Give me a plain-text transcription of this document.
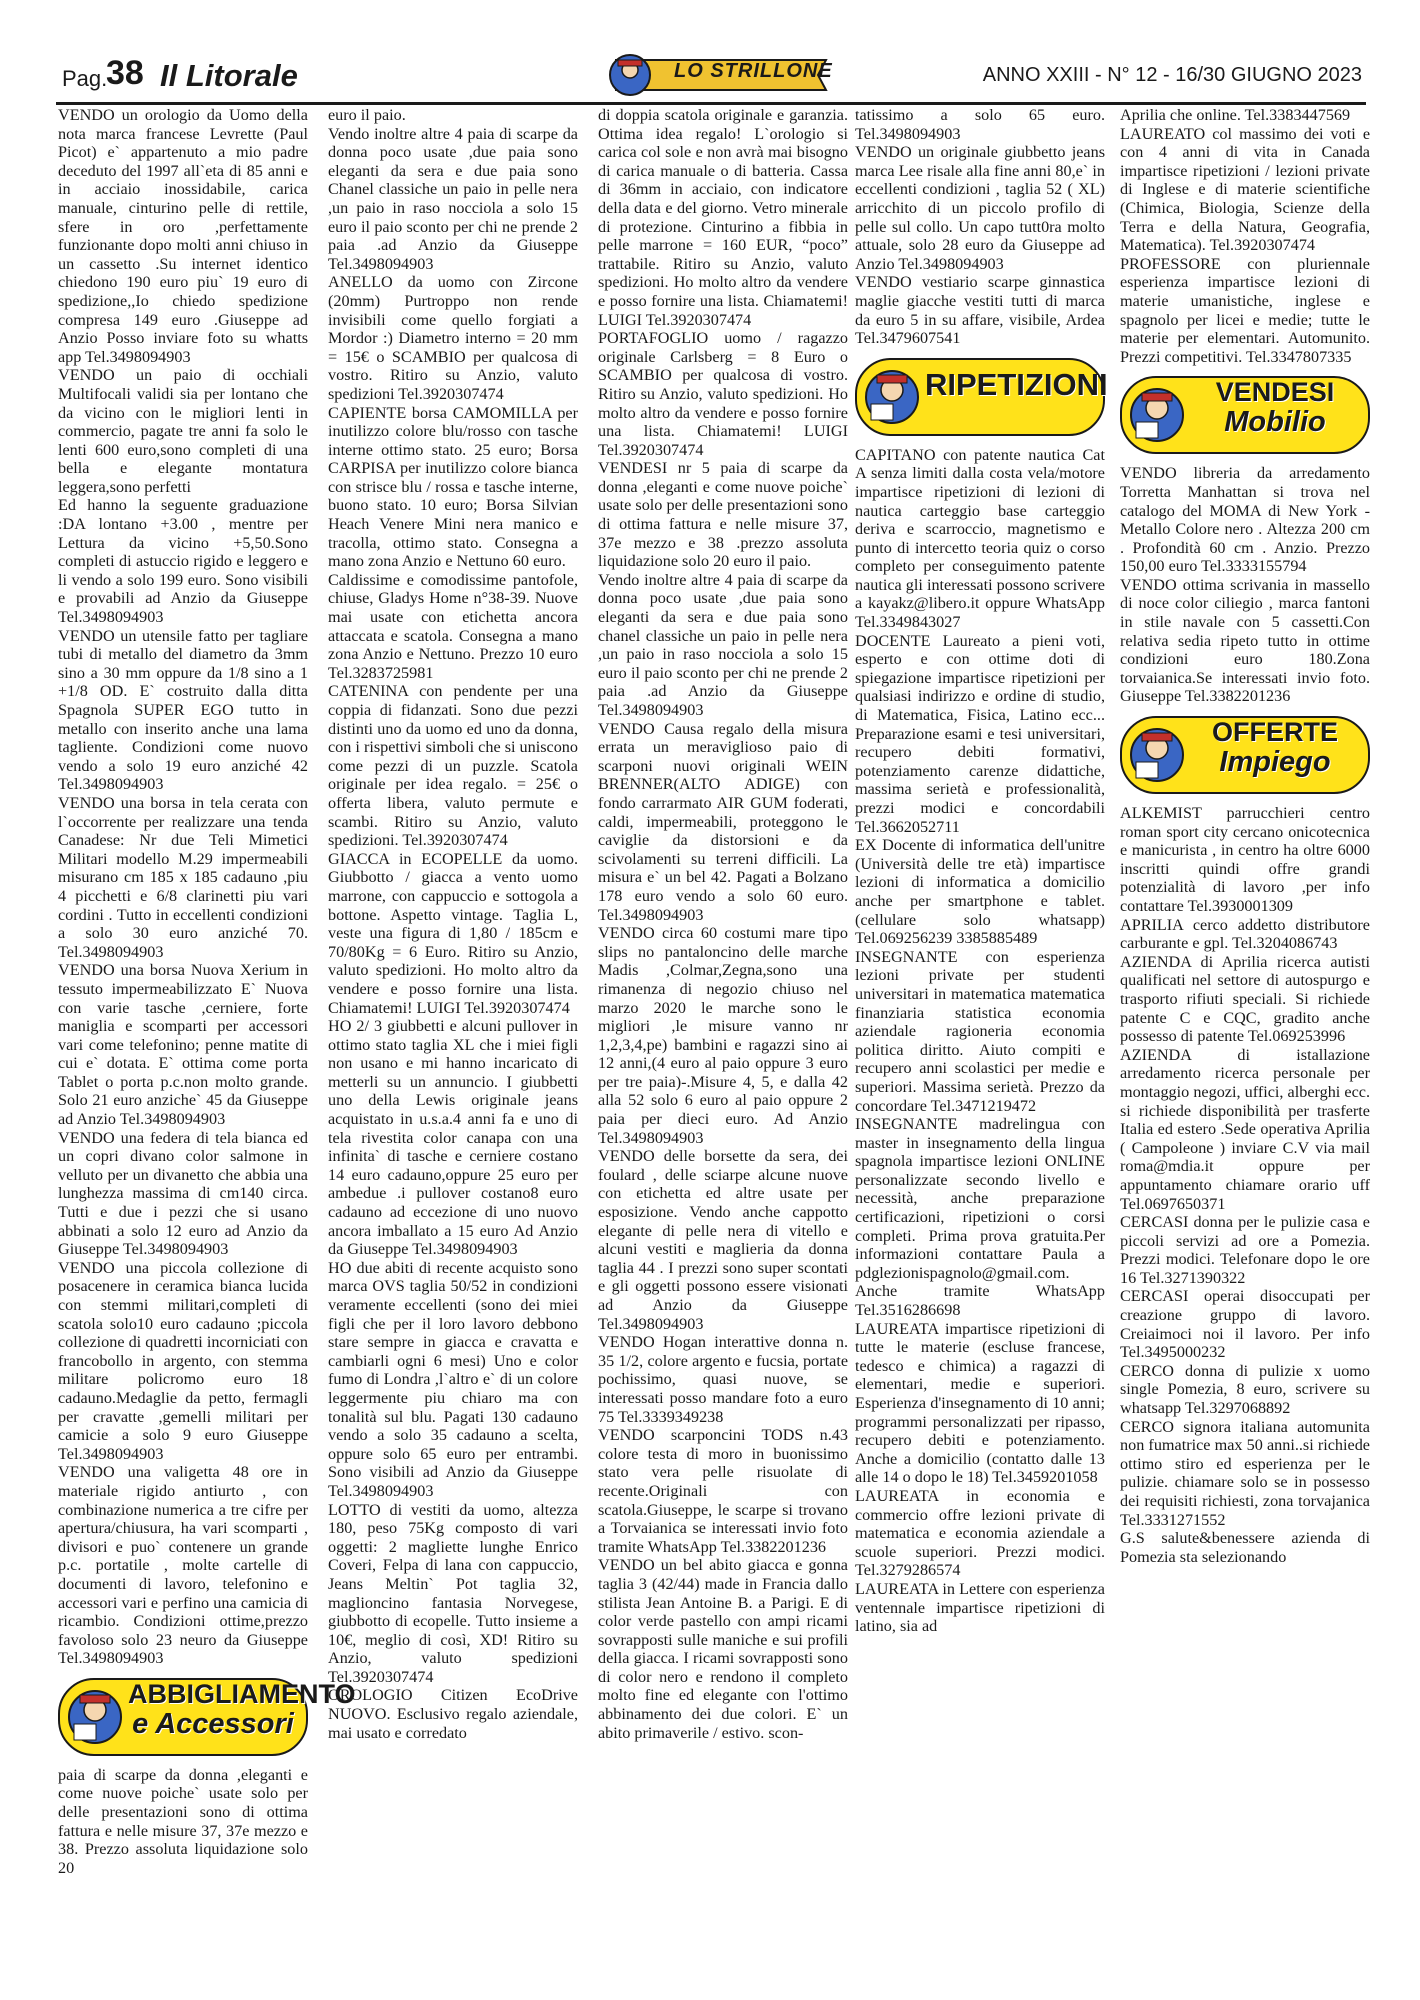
Pag.
38 Il Litorale	LO STRILLONE	ANNO XXIII - N° 12 - 16/30 GIUGNO 2023

VENDO un orologio da Uomo della nota marca francese Levrette (Paul Picot) e` appartenuto a mio padre deceduto del 1997 all`eta di 85 anni e in acciaio inossidabile, carica manuale, cinturino pelle di rettile, sfere in oro ,perfettamente funzionante dopo molti anni chiuso in un cassetto .Su internet identico chiedono 190 euro piu` 19 euro di spedizione,,Io chiedo spedizione compresa 149 euro .Giuseppe ad Anzio Posso inviare foto su whatts app Tel.3498094903

VENDO un paio di occhiali Multifocali validi sia per lontano che da vicino con le migliori lenti in commercio, pagate tre anni fa solo le lenti 600 euro,sono completi di una bella e elegante montatura leggera,sono perfetti

Ed hanno la seguente graduazione :DA lontano +3.00 , mentre per Lettura da vicino +5,50.Sono completi di astuccio rigido e leggero e li vendo a solo 199 euro. Sono visibili e provabili ad Anzio da Giuseppe Tel.3498094903

VENDO un utensile fatto per tagliare tubi di metallo del diametro da 3mm sino a 30 mm oppure da 1/8 sino a 1 +1/8 OD. E` costruito dalla ditta Spagnola SUPER EGO tutto in metallo con inserito anche una lama tagliente. Condizioni come nuovo vendo a solo 19 euro anziché 42 Tel.3498094903

VENDO una borsa in tela cerata con l`occorrente per realizzare una tenda Canadese: Nr due Teli Mimetici Militari modello M.29 impermeabili misurano cm 185 x 185 cadauno ,piu 4 picchetti e 6/8 clarinetti piu vari cordini . Tutto in eccellenti condizioni a solo 30 euro anziché 70. Tel.3498094903

VENDO una borsa Nuova Xerium in tessuto impermeabilizzato E` Nuova con varie tasche ,cerniere, forte maniglia e scomparti per accessori vari come telefonino; penne matite di cui e` dotata. E` ottima come porta Tablet o porta p.c.non molto grande. Solo 21 euro anziche` 45 da Giuseppe ad Anzio Tel.3498094903

VENDO una federa di tela bianca ed un copri divano color salmone in velluto per un divanetto che abbia una lunghezza massima di cm140 circa. Tutti e due i pezzi che si usano abbinati a solo 12 euro ad Anzio da Giuseppe Tel.3498094903

VENDO una piccola collezione di posacenere in ceramica bianca lucida con stemmi militari,completi di scatola solo10 euro cadauno ;piccola collezione di quadretti incorniciati con francobollo in argento, con stemma militare policromo euro 18 cadauno.Medaglie da petto, fermagli per cravatte ,gemelli militari per camicie a solo 9 euro Giuseppe Tel.3498094903

VENDO una valigetta 48 ore in materiale rigido antiurto , con combinazione numerica a tre cifre per apertura/chiusura, ha vari scomparti , divisori e puo` contenere un grande p.c. portatile , molte cartelle di documenti di lavoro, telefonino e accessori vari e perfino una camicia di ricambio. Condizioni ottime,prezzo favoloso solo 23 neuro da Giuseppe Tel.3498094903

ABBIGLIAMENTO
e Accessori

paia di scarpe da donna ,eleganti e come nuove poiche` usate solo per delle presentazioni sono di ottima fattura e nelle misure 37, 37e mezzo e 38. Prezzo assoluta liquidazione solo 20

euro il paio.

Vendo inoltre altre 4 paia di scarpe da donna poco usate ,due paia sono eleganti da sera e due paia sono Chanel classiche un paio in pelle nera ,un paio in raso nocciola a solo 15 euro il paio sconto per chi ne prende 2 paia .ad Anzio da Giuseppe Tel.3498094903

ANELLO da uomo con Zircone (20mm) Purtroppo non rende invisibili come quello forgiati a Mordor :) Diametro interno = 20 mm = 15€ o SCAMBIO per qualcosa di vostro. Ritiro su Anzio, valuto spedizioni Tel.3920307474

CAPIENTE borsa CAMOMILLA per inutilizzo colore blu/rosso con tasche interne ottimo stato. 25 euro; Borsa CARPISA per inutilizzo colore bianca con strisce blu / rossa e tasche interne, buono stato. 10 euro; Borsa Silvian Heach Venere Mini nera manico e tracolla, ottimo stato. Consegna a mano zona Anzio e Nettuno 60 euro.

Caldissime e comodissime pantofole, chiuse, Gladys Home n°38-39. Nuove mai usate con etichetta ancora attaccata e scatola. Consegna a mano zona Anzio e Nettuno. Prezzo 10 euro Tel.3283725981

CATENINA con pendente per una coppia di fidanzati. Sono due pezzi distinti uno da uomo ed uno da donna, con i rispettivi simboli che si uniscono come pezzi di un puzzle. Scatola originale per idea regalo. = 25€ o offerta libera, valuto permute e scambi. Ritiro su Anzio, valuto spedizioni. Tel.3920307474

GIACCA in ECOPELLE da uomo. Giubbotto / giacca a vento uomo marrone, con cappuccio e sottogola a bottone. Aspetto vintage. Taglia L, veste una figura di 1,80 / 185cm e 70/80Kg = 6 Euro. Ritiro su Anzio, valuto spedizioni. Ho molto altro da vendere e posso fornire una lista. Chiamatemi! LUIGI Tel.3920307474

HO 2/ 3 giubbetti e alcuni pullover in ottimo stato taglia XL che i miei figli non usano e mi hanno incaricato di metterli su un annuncio. I giubbetti uno della Lewis originale jeans acquistato in u.s.a.4 anni fa e uno di tela rivestita color canapa con una infinita` di tasche e cerniere costano 14 euro cadauno,oppure 25 euro per ambedue .i pullover costano8 euro cadauno ad eccezione di uno nuovo ancora imballato a 15 euro Ad Anzio da Giuseppe Tel.3498094903

HO due abiti di recente acquisto sono marca OVS taglia 50/52 in condizioni veramente eccellenti (sono dei miei figli che per il loro lavoro debbono stare sempre in giacca e cravatta e cambiarli ogni 6 mesi) Uno e color fumo di Londra ,l`altro e` di un colore leggermente piu chiaro ma con tonalità sul blu. Pagati 130 cadauno vendo a solo 35 cadauno a scelta, oppure solo 65 euro per entrambi. Sono visibili ad Anzio da Giuseppe Tel.3498094903

LOTTO di vestiti da uomo, altezza 180, peso 75Kg composto di vari oggetti: 2 magliette lunghe Enrico Coveri, Felpa di lana con cappuccio, Jeans Meltin` Pot taglia 32, maglioncino fantasia Norvegese, giubbotto di ecopelle. Tutto insieme a 10€, meglio di così, XD! Ritiro su Anzio, valuto spedizioni Tel.3920307474

OROLOGIO Citizen EcoDrive NUOVO. Esclusivo regalo aziendale, mai usato e corredato

di doppia scatola originale e garanzia. Ottima idea regalo! L`orologio si carica col sole e non avrà mai bisogno di carica manuale o di batteria. Cassa di 36mm in acciaio, con indicatore della data e del giorno. Vetro minerale di protezione. Cinturino a fibbia in pelle marrone = 160 EUR, “poco” trattabile. Ritiro su Anzio, valuto spedizioni. Ho molto altro da vendere e posso fornire una lista. Chiamatemi! LUIGI Tel.3920307474

PORTAFOGLIO uomo / ragazzo originale Carlsberg = 8 Euro o SCAMBIO per qualcosa di vostro. Ritiro su Anzio, valuto spedizioni. Ho molto altro da vendere e posso fornire una lista. Chiamatemi! LUIGI Tel.3920307474

VENDESI nr 5 paia di scarpe da donna ,eleganti e come nuove poiche` usate solo per delle presentazioni sono di ottima fattura e nelle misure 37, 37e mezzo e 38 .prezzo assoluta liquidazione solo 20 euro il paio.

Vendo inoltre altre 4 paia di scarpe da donna poco usate ,due paia sono eleganti da sera e due paia sono chanel classiche un paio in pelle nera ,un paio in raso nocciola a solo 15 euro il paio sconto per chi ne prende 2 paia .ad Anzio da Giuseppe Tel.3498094903

VENDO Causa regalo della misura errata un meraviglioso paio di scarponi nuovi originali WEIN BRENNER(ALTO ADIGE) con fondo carrarmato AIR GUM foderati, caldi, impermeabili, proteggono le caviglie da distorsioni e da scivolamenti su terreni difficili. La misura e` un bel 42. Pagati a Bolzano 178 euro vendo a solo 60 euro. Tel.3498094903

VENDO circa 60 costumi mare tipo slips no pantaloncino delle marche Madis ,Colmar,Zegna,sono una rimanenza di negozio chiuso nel marzo 2020 le marche sono le migliori ,le misure vanno nr 1,2,3,4,pe) bambini e ragazzi sino ai 12 anni,(4 euro al paio oppure 3 euro per tre paia)-.Misure 4, 5, e dalla 42 alla 52 solo 6 euro al paio oppure 2 paia per dieci euro. Ad Anzio Tel.3498094903

VENDO delle borsette da sera, dei foulard , delle sciarpe alcune nuove con etichetta ed altre usate per esposizione. Vendo anche cappotto elegante di pelle nera di vitello e alcuni vestiti e maglieria da donna taglia 44 . I prezzi sono super scontati e gli oggetti possono essere visionati ad Anzio da Giuseppe Tel.3498094903

VENDO Hogan interattive donna n. 35 1/2, colore argento e fucsia, portate pochissimo, quasi nuove, se interessati posso mandare foto a euro 75 Tel.3339349238

VENDO scarponcini TODS n.43 colore testa di moro in buonissimo stato vera pelle risuolate di recente.Originali con scatola.Giuseppe, le scarpe si trovano a Torvaianica se interessati invio foto tramite WhatsApp Tel.3382201236

VENDO un bel abito giacca e gonna taglia 3 (42/44) made in Francia dallo stilista Jean Antoine B. a Parigi. E di color verde pastello con ampi ricami sovrapposti sulle maniche e sui profili della giacca. I ricami sovrapposti sono di color nero e rendono il completo molto fine ed elegante con l'ottimo abbinamento dei due colori. E` un abito primaverile / estivo. scon-

tatissimo a solo 65 euro. Tel.3498094903

VENDO un originale giubbetto jeans marca Lee risale alla fine anni 80,e` in eccellenti condizioni , taglia 52 ( XL) arricchito di un piccolo profilo di pelle sul collo. Un capo tutt0ra molto attuale, solo 28 euro da Giuseppe ad Anzio Tel.3498094903

VENDO vestiario scarpe ginnastica maglie giacche vestiti tutti di marca da euro 5 in su affare, visibile, Ardea Tel.3479607541

RIPETIZIONI

CAPITANO con patente nautica Cat A senza limiti dalla costa vela/motore impartisce ripetizioni di lezioni di nautica carteggio base carteggio deriva e scarroccio, magnetismo e punto di intercetto teoria quiz o corso completo per conseguimento patente nautica gli interessati possono scrivere a kayakz@libero.it oppure WhatsApp Tel.3349843027

DOCENTE Laureato a pieni voti, esperto e con ottime doti di spiegazione impartisce ripetizioni per qualsiasi indirizzo e ordine di studio, di Matematica, Fisica, Latino ecc... Preparazione esami e tesi universitari, recupero debiti formativi, potenziamento carenze didattiche, massima serietà e professionalità, prezzi modici e concordabili Tel.3662052711

EX Docente di informatica dell'unitre (Università delle tre età) impartisce lezioni di informatica a domicilio anche per smartphone e tablet.(cellulare solo whatsapp) Tel.069256239 3385885489

INSEGNANTE con esperienza lezioni private per studenti universitari in matematica matematica finanziaria statistica economia aziendale ragioneria economia politica diritto. Aiuto compiti e recupero anni scolastici per medie e superiori. Massima serietà. Prezzo da concordare Tel.3471219472

INSEGNANTE madrelingua con master in insegnamento della lingua spagnola impartisce lezioni ONLINE personalizzate secondo livello e necessità, anche preparazione certificazioni, ripetizioni o corsi completi. Prima prova gratuita.Per informazioni contattare Paula a pdglezionispagnolo@gmail.com. Anche tramite WhatsApp Tel.3516286698

LAUREATA impartisce ripetizioni di tutte le materie (escluse francese, tedesco e chimica) a ragazzi di elementari, medie e superiori. Esperienza d'insegnamento di 10 anni; programmi personalizzati per ripasso, recupero debiti e potenziamento. Anche a domicilio (contatto dalle 13 alle 14 o dopo le 18) Tel.3459201058

LAUREATA in economia e commercio offre lezioni private di matematica e economia aziendale a scuole superiori. Prezzi modici. Tel.3279286574

LAUREATA in Lettere con esperienza ventennale impartisce ripetizioni di latino, sia ad

Aprilia che online. Tel.3383447569

LAUREATO col massimo dei voti e con 4 anni di vita in Canada impartisce ripetizioni / lezioni private di Inglese e di materie scientifiche (Chimica, Biologia, Scienze della Terra e della Natura, Geografia, Matematica). Tel.3920307474

PROFESSORE con pluriennale esperienza impartisce lezioni di materie umanistiche, inglese e spagnolo per licei e medie; tutte le materie per elementari. Automunito. Prezzi competitivi. Tel.3347807335

VENDESI
Mobilio

VENDO libreria da arredamento Torretta Manhattan si trova nel catalogo del MOMA di New York - Metallo Colore nero . Altezza 200 cm . Profondità 60 cm . Anzio. Prezzo 150,00 euro Tel.3333155794

VENDO ottima scrivania in massello di noce color ciliegio , marca fantoni in stile navale con 5 cassetti.Con relativa sedia ripeto tutto in ottime condizioni euro 180.Zona torvaianica.Se interessati invio foto. Giuseppe Tel.3382201236

OFFERTE
Impiego

ALKEMIST parrucchieri centro roman sport city cercano onicotecnica e manicurista , in centro ha oltre 6000 inscritti quindi offre grandi potenzialità di lavoro ,per info contattare Tel.3930001309

APRILIA cerco addetto distributore carburante e gpl. Tel.3204086743

AZIENDA di Aprilia ricerca autisti qualificati nel settore di autospurgo e trasporto rifiuti speciali. Si richiede patente C e CQC, gradito anche possesso di patente Tel.069253996

AZIENDA di istallazione arredamento ricerca personale per montaggio negozi, uffici, alberghi ecc. si richiede disponibilità per trasferte Italia ed estero .Sede operativa Aprilia ( Campoleone ) inviare C.V via mail roma@mdia.it oppure per appuntamento chiamare orario uff Tel.0697650371

CERCASI donna per le pulizie casa e piccoli servizi ad ore a Pomezia. Prezzi modici. Telefonare dopo le ore 16 Tel.3271390322

CERCASI operai disoccupati per creazione gruppo di lavoro. Creiaimoci noi il lavoro. Per info Tel.3495000232

CERCO donna di pulizie x uomo single Pomezia, 8 euro, scrivere su whatsapp Tel.3297068892

CERCO signora italiana automunita non fumatrice max 50 anni..si richiede ottimo stiro ed esperienza per le pulizie. chiamare solo se in possesso dei requisiti richiesti, zona torvajanica Tel.3331271552

G.S salute&benessere azienda di Pomezia sta selezionando
